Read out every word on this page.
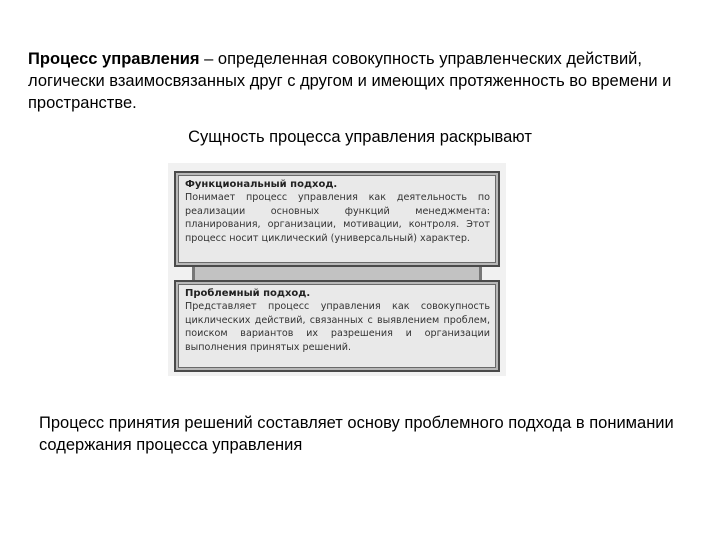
Процесс управления – определенная совокупность управленческих действий, логически взаимосвязанных друг с другом и имеющих протяженность во времени и пространстве.

Сущность процесса управления раскрывают
Функциональный подход.
Понимает процесс управления как деятельность по реализации основных функций менеджмента: планирования, организации, мотивации, контроля. Этот процесс носит циклический (универсальный) характер.
Проблемный подход.
Представляет процесс управления как совокупность циклических действий, связанных с выявлением проблем, поиском вариантов их разрешения и организации выполнения принятых решений.

Процесс принятия решений составляет основу проблемного подхода в понимании содержания процесса управления
